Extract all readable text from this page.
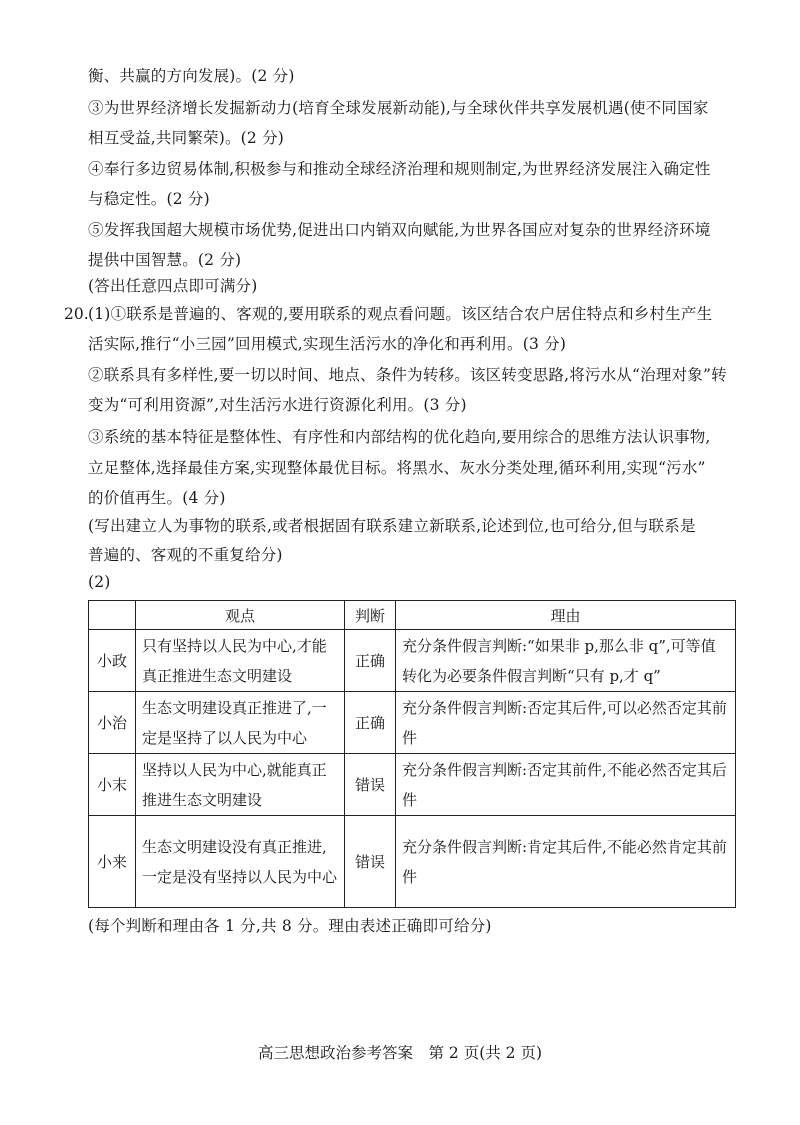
衡、共赢的方向发展)。(2 分)
③为世界经济增长发掘新动力(培育全球发展新动能),与全球伙伴共享发展机遇(使不同国家
相互受益,共同繁荣)。(2 分)
④奉行多边贸易体制,积极参与和推动全球经济治理和规则制定,为世界经济发展注入确定性
与稳定性。(2 分)
⑤发挥我国超大规模市场优势,促进出口内销双向赋能,为世界各国应对复杂的世界经济环境
提供中国智慧。(2 分)
(答出任意四点即可满分)
20. (1)①联系是普遍的、客观的,要用联系的观点看问题。该区结合农户居住特点和乡村生产生
活实际,推行“小三园”回用模式,实现生活污水的净化和再利用。(3 分)
②联系具有多样性,要一切以时间、地点、条件为转移。该区转变思路,将污水从“治理对象”转
变为“可利用资源”,对生活污水进行资源化利用。(3 分)
③系统的基本特征是整体性、有序性和内部结构的优化趋向,要用综合的思维方法认识事物,
立足整体,选择最佳方案,实现整体最优目标。将黑水、灰水分类处理,循环利用,实现“污水”
的价值再生。(4 分)
(写出建立人为事物的联系,或者根据固有联系建立新联系,论述到位,也可给分,但与联系是
普遍的、客观的不重复给分)
(2)
	观点	判断	理由
小政	只有坚持以人民为中心,才能真正推进生态文明建设	正确	充分条件假言判断:“如果非 p,那么非 q”,可等值转化为必要条件假言判断“只有 p,才 q”
小治	生态文明建设真正推进了,一定是坚持了以人民为中心	正确	充分条件假言判断:否定其后件,可以必然否定其前件
小末	坚持以人民为中心,就能真正推进生态文明建设	错误	充分条件假言判断:否定其前件,不能必然否定其后件
小来	生态文明建设没有真正推进,一定是没有坚持以人民为中心	错误	充分条件假言判断:肯定其后件,不能必然肯定其前件
(每个判断和理由各 1 分,共 8 分。理由表述正确即可给分)
高三思想政治参考答案　第 2 页(共 2 页)
